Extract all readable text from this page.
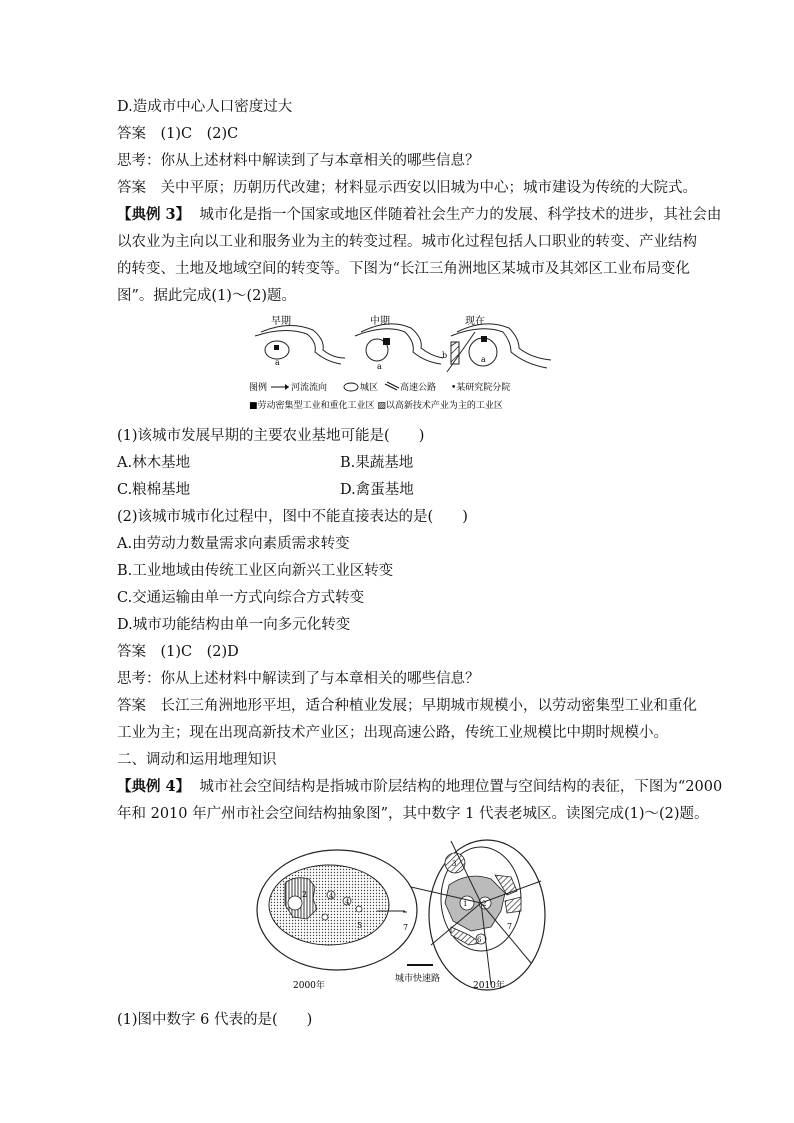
D.造成市中心人口密度过大
答案　(1)C　(2)C
思考：你从上述材料中解读到了与本章相关的哪些信息？
答案　关中平原；历朝历代改建；材料显示西安以旧城为中心；城市建设为传统的大院式。
【典例 3】 城市化是指一个国家或地区伴随着社会生产力的发展、科学技术的进步，其社会由
以农业为主向以工业和服务业为主的转变过程。城市化过程包括人口职业的转变、产业结构
的转变、土地及地域空间的转变等。下图为“长江三角洲地区某城市及其郊区工业布局变化
图”。据此完成(1)～(2)题。
早期	中期	现在
a	a
b	a
图例	河流流向	城区 高速公路 •某研究院分院
■劳动密集型工业和重化工业区 ▨以高新技术产业为主的工业区
(1)该城市发展早期的主要农业基地可能是(　　)
A.林木基地	B.果蔬基地
C.粮棉基地	D.禽蛋基地
(2)该城市城市化过程中，图中不能直接表达的是(　　)
A.由劳动力数量需求向素质需求转变
B.工业地域由传统工业区向新兴工业区转变
C.交通运输由单一方式向综合方式转变
D.城市功能结构由单一向多元化转变
答案　(1)C　(2)D
思考：你从上述材料中解读到了与本章相关的哪些信息？
答案　长江三角洲地形平坦，适合种植业发展；早期城市规模小，以劳动密集型工业和重化
工业为主；现在出现高新技术产业区；出现高速公路，传统工业规模比中期时规模小。
二、调动和运用地理知识
【典例 4】 城市社会空间结构是指城市阶层结构的地理位置与空间结构的表征，下图为“2000
年和 2010 年广州市社会空间结构抽象图”，其中数字 1 代表老城区。读图完成(1)～(2)题。
2	4
4
5	7
2000年
城市快速路
3
1 2
7
6
2010年
(1)图中数字 6 代表的是(　　)
